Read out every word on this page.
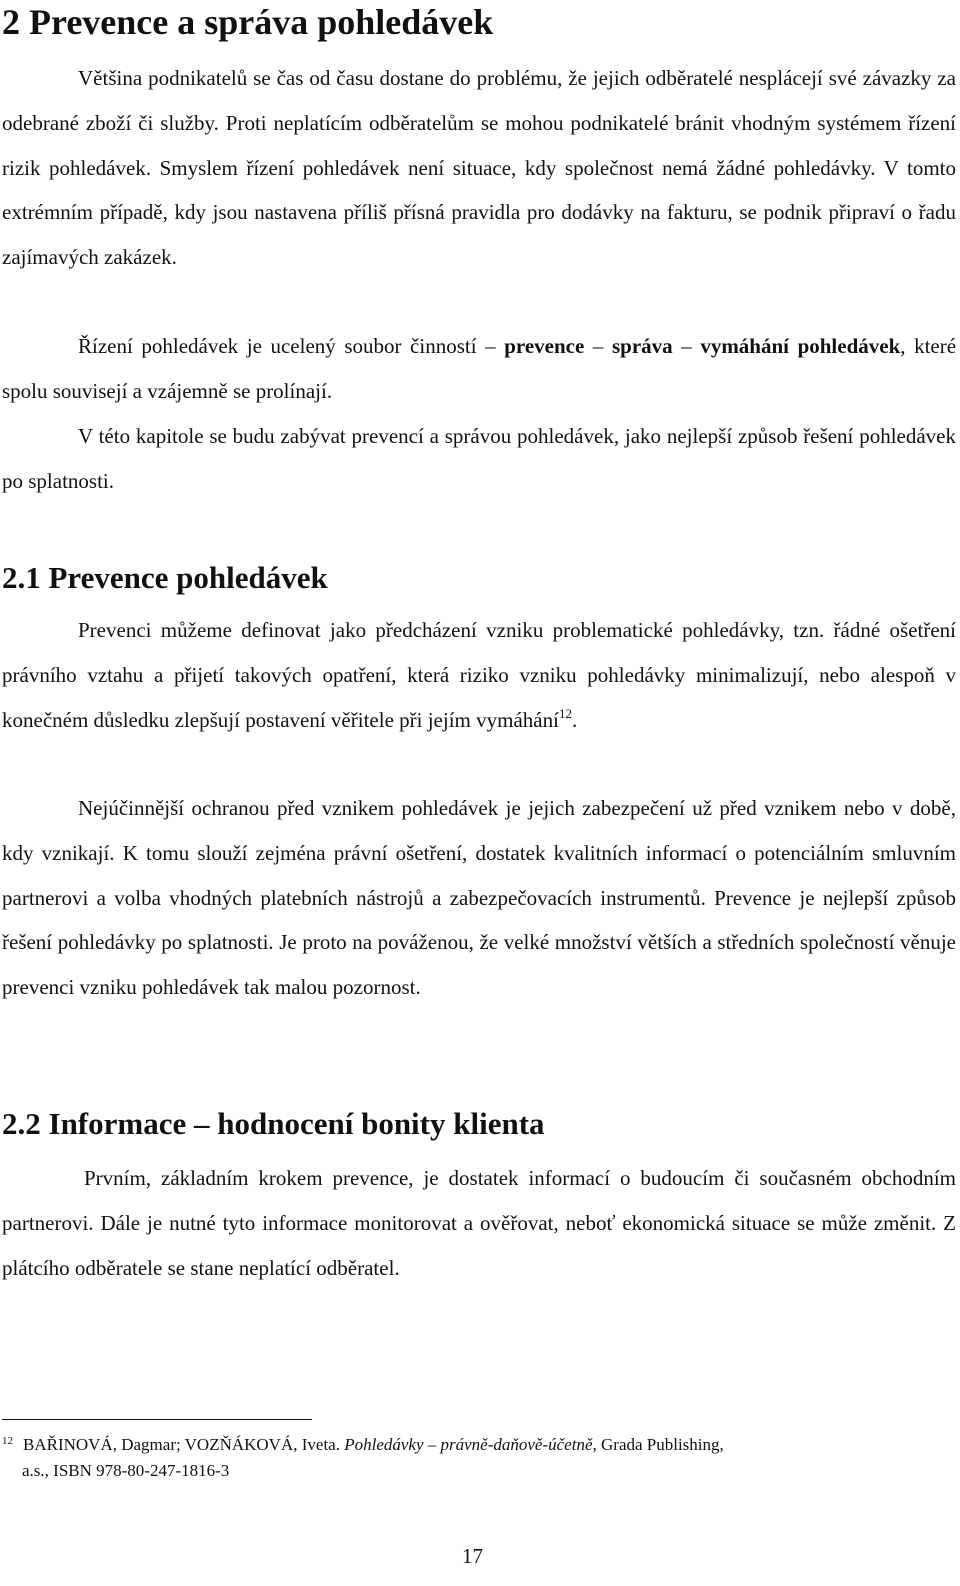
2 Prevence a správa pohledávek

Většina podnikatelů se čas od času dostane do problému, že jejich odběratelé nesplácejí své závazky za odebrané zboží či služby. Proti neplatícím odběratelům se mohou podnikatelé bránit vhodným systémem řízení rizik pohledávek. Smyslem řízení pohledávek není situace, kdy společnost nemá žádné pohledávky. V tomto extrémním případě, kdy jsou nastavena příliš přísná pravidla pro dodávky na fakturu, se podnik připraví o řadu zajímavých zakázek.

Řízení pohledávek je ucelený soubor činností – prevence – správa – vymáhání pohledávek, které spolu souvisejí a vzájemně se prolínají.

V této kapitole se budu zabývat prevencí a správou pohledávek, jako nejlepší způsob řešení pohledávek po splatnosti.

2.1 Prevence pohledávek

Prevenci můžeme definovat jako předcházení vzniku problematické pohledávky, tzn. řádné ošetření právního vztahu a přijetí takových opatření, která riziko vzniku pohledávky minimalizují, nebo alespoň v konečném důsledku zlepšují postavení věřitele při jejím vymáhání$^{12}$.

Nejúčinnější ochranou před vznikem pohledávek je jejich zabezpečení už před vznikem nebo v době, kdy vznikají. K tomu slouží zejména právní ošetření, dostatek kvalitních informací o potenciálním smluvním partnerovi a volba vhodných platebních nástrojů a zabezpečovacích instrumentů. Prevence je nejlepší způsob řešení pohledávky po splatnosti. Je proto na pováženou, že velké množství větších a středních společností věnuje prevenci vzniku pohledávek tak malou pozornost.

2.2 Informace – hodnocení bonity klienta

Prvním, základním krokem prevence, je dostatek informací o budoucím či současném obchodním partnerovi. Dále je nutné tyto informace monitorovat a ověřovat, neboť ekonomická situace se může změnit. Z plátcího odběratele se stane neplatící odběratel.

$^{12}$ BAŘINOVÁ, Dagmar; VOZŇÁKOVÁ, Iveta. Pohledávky – právně-daňově-účetně, Grada Publishing,
a.s., ISBN 978-80-247-1816-3

17
